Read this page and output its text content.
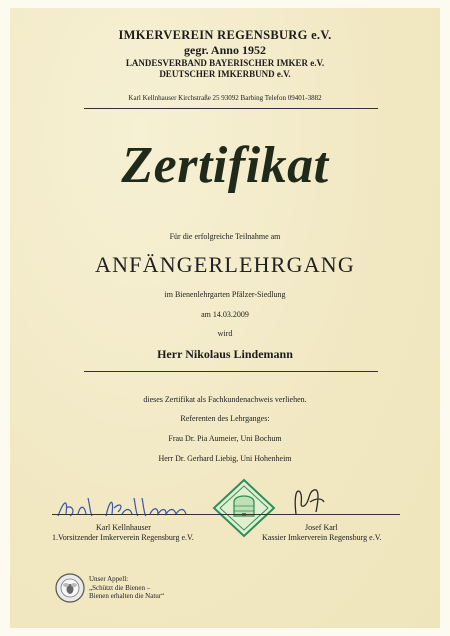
IMKERVEREIN REGENSBURG e.V.
gegr. Anno 1952
LANDESVERBAND BAYERISCHER IMKER e.V.
DEUTSCHER IMKERBUND e.V.
Karl Kellnhauser Kirchstraße 25 93092 Barbing Telefon 09401-3882
Zertifikat
Für die erfolgreiche Teilnahme am
ANFÄNGERLEHRGANG
im Bienenlehrgarten Pfälzer-Siedlung
am 14.03.2009
wird
Herr Nikolaus Lindemann
dieses Zertifikat als Fachkundenachweis verliehen.
Referenten des Lehrganges:
Frau Dr. Pia Aumeier, Uni Bochum
Herr Dr. Gerhard Liebig, Uni Hohenheim
Karl Kellnhauser
1.Vorsitzender Imkerverein Regensburg e.V.
Josef Karl
Kassier Imkerverein Regensburg e.V.
Unser Appell:
„Schützt die Bienen –
Bienen erhalten die Natur“
